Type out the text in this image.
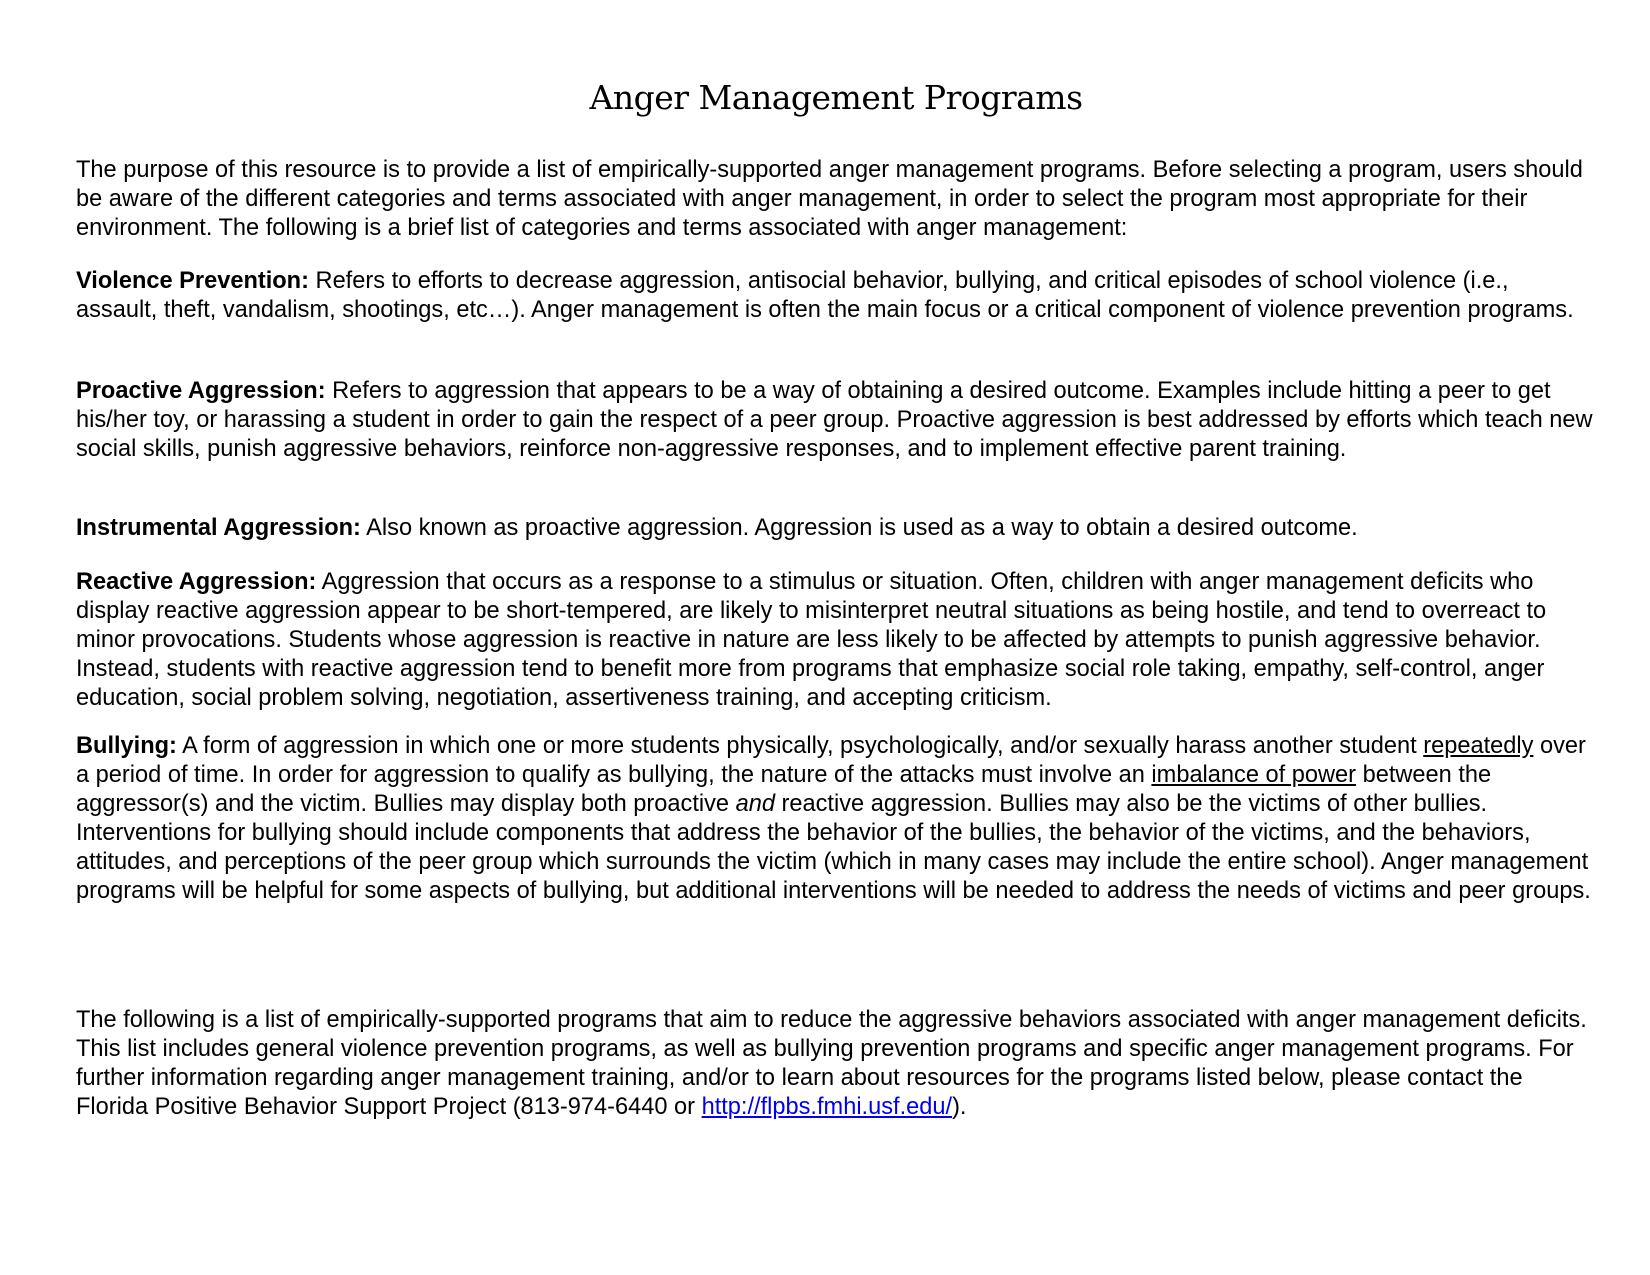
Anger Management Programs

The purpose of this resource is to provide a list of empirically-supported anger management programs. Before selecting a program, users should be aware of the different categories and terms associated with anger management, in order to select the program most appropriate for their environment. The following is a brief list of categories and terms associated with anger management:

Violence Prevention: Refers to efforts to decrease aggression, antisocial behavior, bullying, and critical episodes of school violence (i.e., assault, theft, vandalism, shootings, etc…). Anger management is often the main focus or a critical component of violence prevention programs.

Proactive Aggression: Refers to aggression that appears to be a way of obtaining a desired outcome. Examples include hitting a peer to get his/her toy, or harassing a student in order to gain the respect of a peer group. Proactive aggression is best addressed by efforts which teach new social skills, punish aggressive behaviors, reinforce non-aggressive responses, and to implement effective parent training.

Instrumental Aggression: Also known as proactive aggression. Aggression is used as a way to obtain a desired outcome.

Reactive Aggression: Aggression that occurs as a response to a stimulus or situation. Often, children with anger management deficits who display reactive aggression appear to be short-tempered, are likely to misinterpret neutral situations as being hostile, and tend to overreact to minor provocations. Students whose aggression is reactive in nature are less likely to be affected by attempts to punish aggressive behavior. Instead, students with reactive aggression tend to benefit more from programs that emphasize social role taking, empathy, self-control, anger education, social problem solving, negotiation, assertiveness training, and accepting criticism.

Bullying: A form of aggression in which one or more students physically, psychologically, and/or sexually harass another student repeatedly over a period of time. In order for aggression to qualify as bullying, the nature of the attacks must involve an imbalance of power between the aggressor(s) and the victim. Bullies may display both proactive and reactive aggression. Bullies may also be the victims of other bullies. Interventions for bullying should include components that address the behavior of the bullies, the behavior of the victims, and the behaviors, attitudes, and perceptions of the peer group which surrounds the victim (which in many cases may include the entire school). Anger management programs will be helpful for some aspects of bullying, but additional interventions will be needed to address the needs of victims and peer groups.

The following is a list of empirically-supported programs that aim to reduce the aggressive behaviors associated with anger management deficits. This list includes general violence prevention programs, as well as bullying prevention programs and specific anger management programs. For further information regarding anger management training, and/or to learn about resources for the programs listed below, please contact the Florida Positive Behavior Support Project (813-974-6440 or http://flpbs.fmhi.usf.edu/).
